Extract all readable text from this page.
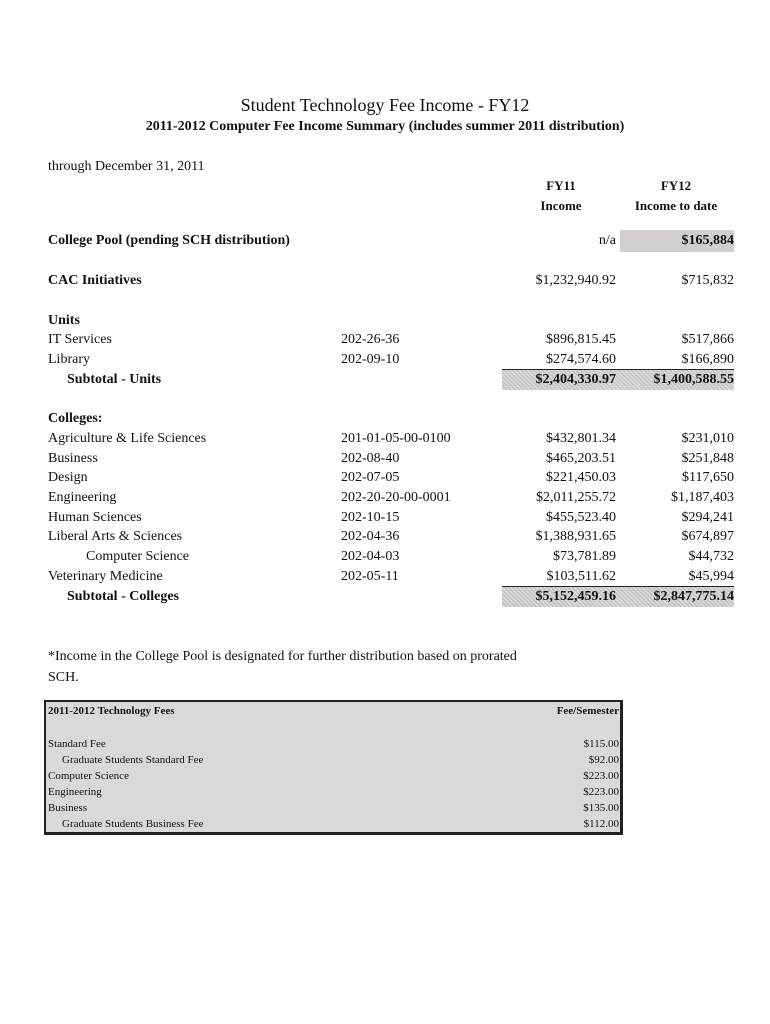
Student Technology Fee Income - FY12
2011-2012 Computer Fee Income Summary (includes summer 2011 distribution)
through December 31, 2011
FY11
Income
FY12
Income to date
College Pool (pending SCH distribution)	n/a	$165,884
CAC Initiatives	$1,232,940.92	$715,832
Units
IT Services	202-26-36	$896,815.45	$517,866
Library	202-09-10	$274,574.60	$166,890
Subtotal - Units	$2,404,330.97	$1,400,588.55
Colleges:
Agriculture & Life Sciences	201-01-05-00-0100	$432,801.34	$231,010
Business	202-08-40	$465,203.51	$251,848
Design	202-07-05	$221,450.03	$117,650
Engineering	202-20-20-00-0001	$2,011,255.72	$1,187,403
Human Sciences	202-10-15	$455,523.40	$294,241
Liberal Arts & Sciences	202-04-36	$1,388,931.65	$674,897
Computer Science	202-04-03	$73,781.89	$44,732
Veterinary Medicine	202-05-11	$103,511.62	$45,994
Subtotal - Colleges	$5,152,459.16	$2,847,775.14
*Income in the College Pool is designated for further distribution based on prorated SCH.
2011-2012 Technology Fees	Fee/Semester
Standard Fee	$115.00
Graduate Students Standard Fee	$92.00
Computer Science	$223.00
Engineering	$223.00
Business	$135.00
Graduate Students Business Fee	$112.00
